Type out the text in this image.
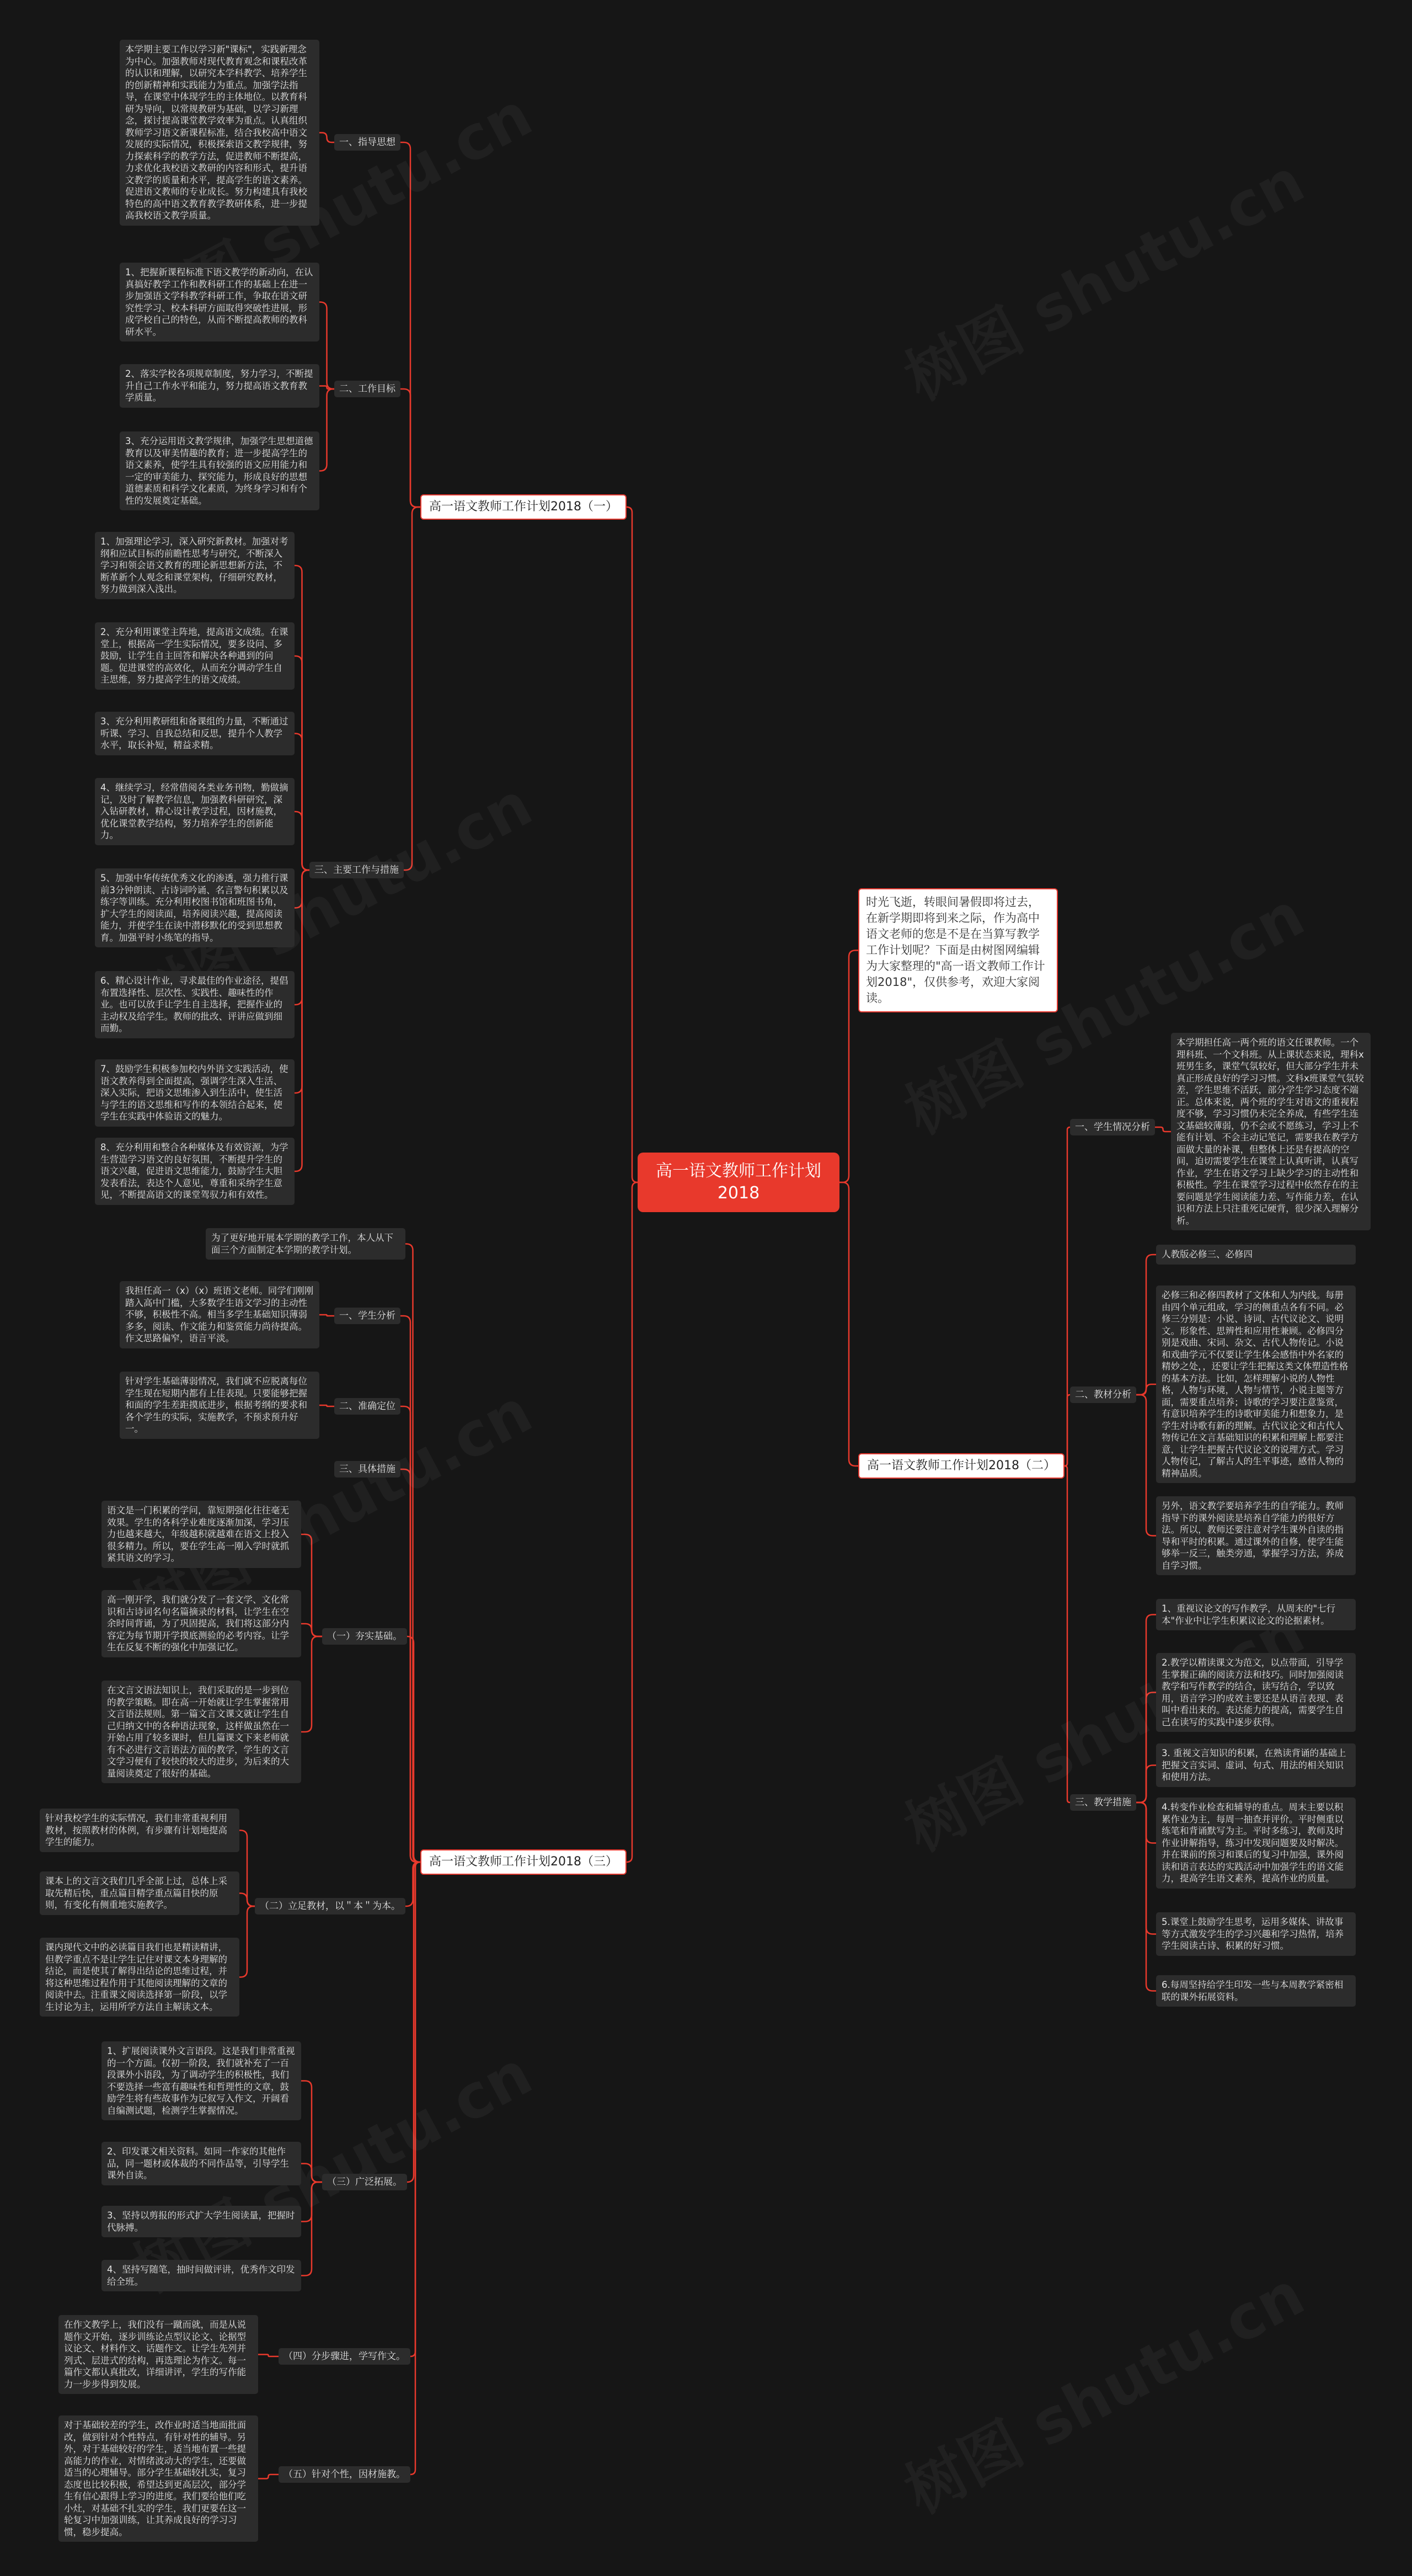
高一语文教师工作计划2018
时光飞逝，转眼间暑假即将过去，在新学期即将到来之际，作为高中语文老师的您是不是在当算写教学工作计划呢？下面是由树图网编辑为大家整理的"高一语文教师工作计划2018"，仅供参考，欢迎大家阅读。
高一语文教师工作计划2018（一）
一、指导思想
本学期主要工作以学习新"课标"，实践新理念为中心。加强教师对现代教育观念和课程改革的认识和理解，以研究本学科教学、培养学生的创新精神和实践能力为重点。加强学法指导，在课堂中体现学生的主体地位。以教育科研为导向，以常规教研为基础，以学习新理念，探讨提高课堂教学效率为重点。认真组织教师学习语文新课程标准，结合我校高中语文发展的实际情况，积极探索语文教学规律，努力探索科学的教学方法，促进教师不断提高，力求优化我校语文教研的内容和形式，提升语文教学的质量和水平，提高学生的语文素养。促进语文教师的专业成长。努力构建具有我校特色的高中语文教育教学教研体系，进一步提高我校语文教学质量。
二、工作目标
1、把握新课程标准下语文教学的新动向，在认真搞好教学工作和教科研工作的基础上在进一步加强语文学科教学科研工作，争取在语文研究性学习、校本科研方面取得突破性进展，形成学校自己的特色，从而不断提高教师的教科研水平。
2、落实学校各项规章制度，努力学习，不断提升自己工作水平和能力，努力提高语文教育教学质量。
3、充分运用语文教学规律，加强学生思想道德教育以及审美情趣的教育；进一步提高学生的语文素养，使学生具有较强的语文应用能力和一定的审美能力、探究能力，形成良好的思想道德素质和科学文化素质，为终身学习和有个性的发展奠定基础。
三、主要工作与措施
1、加强理论学习，深入研究新教材。加强对考纲和应试目标的前瞻性思考与研究，不断深入学习和领会语文教育的理论新思想新方法，不断革新个人观念和课堂架构，仔细研究教材，努力做到深入浅出。
2、充分利用课堂主阵地，提高语文成绩。在课堂上，根据高一学生实际情况，要多设问、多鼓励，让学生自主回答和解决各种遇到的问题。促进课堂的高效化，从而充分调动学生自主思维，努力提高学生的语文成绩。
3、充分利用教研组和备课组的力量，不断通过听课、学习、自我总结和反思，提升个人教学水平，取长补短，精益求精。
4、继续学习，经常借阅各类业务刊物，勤做摘记，及时了解教学信息，加强教科研研究，深入钻研教材，精心设计教学过程，因材施教，优化课堂教学结构，努力培养学生的创新能力。
5、加强中华传统优秀文化的渗透，强力推行课前3分钟朗读、古诗词吟诵、名言警句积累以及练字等训练。充分利用校图书馆和班图书角，扩大学生的阅读面，培养阅读兴趣，提高阅读能力，并使学生在读中潜移默化的受到思想教育。加强平时小练笔的指导。
6、精心设计作业，寻求最佳的作业途径，提倡布置选择性、层次性、实践性、趣味性的作业。也可以放手让学生自主选择，把握作业的主动权及给学生。教师的批改、评讲应做到细而勤。
7、鼓励学生积极参加校内外语文实践活动，使语文教养得到全面提高，强调学生深入生活、深入实际，把语文思维渗入到生活中，使生活与学生的语文思维和写作的本领结合起来，使学生在实践中体验语文的魅力。
8、充分利用和整合各种媒体及有效资源，为学生营造学习语文的良好氛围，不断提升学生的语文兴趣，促进语文思维能力，鼓励学生大胆发表看法，表达个人意见，尊重和采纳学生意见，不断提高语文的课堂驾驭力和有效性。
高一语文教师工作计划2018（二）
一、学生情况分析
本学期担任高一两个班的语文任课教师。一个理科班、一个文科班。从上课状态来说，理科x班男生多，课堂气氛较好，但大部分学生并未真正形成良好的学习习惯。文科x班课堂气氛较差，学生思维不活跃，部分学生学习态度不端正。总体来说，两个班的学生对语文的重视程度不够，学习习惯仍未完全养成，有些学生连文基础较薄弱，仍不会或不愿练习，学习上不能有计划、不会主动记笔记，需要我在教学方面做大量的补课，但整体上还是有提高的空间，迫切需要学生在课堂上认真听讲，认真写作业，学生在语文学习上缺少学习的主动性和积极性。学生在课堂学习过程中依然存在的主要问题是学生阅读能力差、写作能力差，在认识和方法上只注重死记硬背，很少深入理解分析。
二、教材分析
人教版必修三、必修四
必修三和必修四教材了文体和人为内线。每册由四个单元组成，学习的侧重点各有不同。必修三分别是：小说、诗词、古代议论文、说明文。形象性、思辨性和应用性兼顾。必修四分别是戏曲、宋词、杂文、古代人物传记。小说和戏曲学元不仅要让学生体会感悟中外名家的精妙之处，，还要让学生把握这类文体塑造性格的基本方法。比如，怎样理解小说的人物性格，人物与环境，人物与情节，小说主题等方面，需要重点培养；诗歌的学习要注意鉴赏，有意识培养学生的诗歌审美能力和想象力，是学生对诗歌有新的理解。古代议论文和古代人物传记在文言基础知识的积累和理解上都要注意，让学生把握古代议论文的说理方式。学习人物传记，了解古人的生平事迹，感悟人物的精神品质。
另外，语文教学要培养学生的自学能力。教师指导下的课外阅读是培养自学能力的很好方法。所以，教师还要注意对学生课外自读的指导和平时的积累。通过课外的自修，使学生能够举一反三，触类旁通，掌握学习方法，养成自学习惯。
三、教学措施
1、重视议论文的写作教学，从周末的"七行本"作业中让学生积累议论文的论据素材。
2.教学以精读课文为范文，以点带面，引导学生掌握正确的阅读方法和技巧。同时加强阅读教学和写作教学的结合，读写结合，学以致用，语言学习的成效主要还是从语言表现、表叫中看出来的。表达能力的提高，需要学生自己在读写的实践中逐步获得。
3. 重视文言知识的积累，在熟读背诵的基础上把握文言实词、虚词、句式、用法的相关知识和使用方法。
4.转变作业检查和辅导的重点。周末主要以积累作业为主，每周一抽查并评价。平时侧重以练笔和背诵默写为主。平时多练习，教师及时作业讲解指导，练习中发现问题要及时解决。并在课前的预习和课后的复习中加强，课外阅读和语言表达的实践活动中加强学生的语文能力，提高学生语文素养，提高作业的质量。
5.课堂上鼓励学生思考，运用多媒体、讲故事等方式激发学生的学习兴趣和学习热情，培养学生阅读古诗、积累的好习惯。
6.每周坚持给学生印发一些与本周教学紧密相联的课外拓展资料。
高一语文教师工作计划2018（三）
为了更好地开展本学期的教学工作，本人从下面三个方面制定本学期的教学计划。
一、学生分析
我担任高一（x）（x）班语文老师。同学们刚刚踏入高中门槛，大多数学生语文学习的主动性不够，积极性不高。相当多学生基础知识薄弱多多，阅读、作文能力和鉴赏能力尚待提高。作文思路偏窄，语言平淡。
二、准确定位
针对学生基础薄弱情况，我们就不应脱离每位学生现在短期内都有上佳表现。只要能够把握和面的学生差距摸底进步，根据考纲的要求和各个学生的实际，实施教学，不预求预升好一。
三、具体措施
（一）夯实基础。
语文是一门积累的学问，靠短期强化往往毫无效果。学生的各科学业难度逐渐加深，学习压力也越来越大，年级越积就越难在语文上投入很多精力。所以，要在学生高一刚入学时就抓紧其语文的学习。
高一刚开学，我们就分发了一套文学、文化常识和古诗词名句名篇摘录的材料，让学生在空余时间背诵，为了巩固提高，我们将这部分内容定为每节期开学摸底测验的必考内容。让学生在反复不断的强化中加强记忆。
在文言文语法知识上，我们采取的是一步到位的教学策略。即在高一开始就让学生掌握常用文言语法规则。第一篇文言文课文就让学生自己归纳文中的各种语法现象，这样做虽然在一开始占用了较多课时，但几篇课文下来老师就有不必进行文言语法方面的教学，学生的文言文学习便有了较快的较大的进步，为后来的大量阅读奠定了很好的基础。
（二）立足教材，以＂本＂为本。
针对我校学生的实际情况，我们非常重视利用教材，按照教材的体例，有步骤有计划地提高学生的能力。
课本上的文言文我们几乎全部上过，总体上采取先精后快，重点篇目精学重点篇目快的原则，有变化有侧重地实施教学。
课内现代文中的必读篇目我们也是精读精讲，但教学重点不是让学生记住对课文本身理解的结论，而是使其了解得出结论的思维过程，并将这种思维过程作用于其他阅读理解的文章的阅读中去。注重课文阅读选择第一阶段，以学生讨论为主，运用所学方法自主解读文本。
（三）广泛拓展。
1、扩展阅读课外文言语段。这是我们非常重视的一个方面。仅初一阶段，我们就补充了一百段课外小语段，为了调动学生的积极性，我们不要选择一些富有趣味性和哲理性的文章，鼓励学生将有些故事作为记叙写入作文，开阔看自编测试题，检测学生掌握情况。
2、印发课文相关资料。如同一作家的其他作品，同一题材或体裁的不同作品等，引导学生课外自读。
3、坚持以剪报的形式扩大学生阅读量，把握时代脉搏。
4、坚持写随笔，抽时间做评讲，优秀作文印发给全班。
（四）分步骤进，学写作文。
在作文教学上，我们没有一蹴而就，而是从说题作文开始，逐步训练论点型议论文、论据型议论文、材料作文、话题作文。让学生先列并列式、层进式的结构，再选理论为作文。每一篇作文都认真批改，详细讲评，学生的写作能力一步步得到发展。
（五）针对个性，因材施教。
对于基础较差的学生，改作业时适当地面批面改，做到针对个性特点，有针对性的辅导。另外，对于基础较好的学生，适当地布置一些提高能力的作业，对情绪波动大的学生，还要做适当的心理辅导。部分学生基础较扎实，复习态度也比较积极，希望达到更高层次，部分学生有信心跟得上学习的进度。我们要给他们吃小灶，对基础不扎实的学生，我们更要在这一轮复习中加强训练，让其养成良好的学习习惯，稳步提高。
